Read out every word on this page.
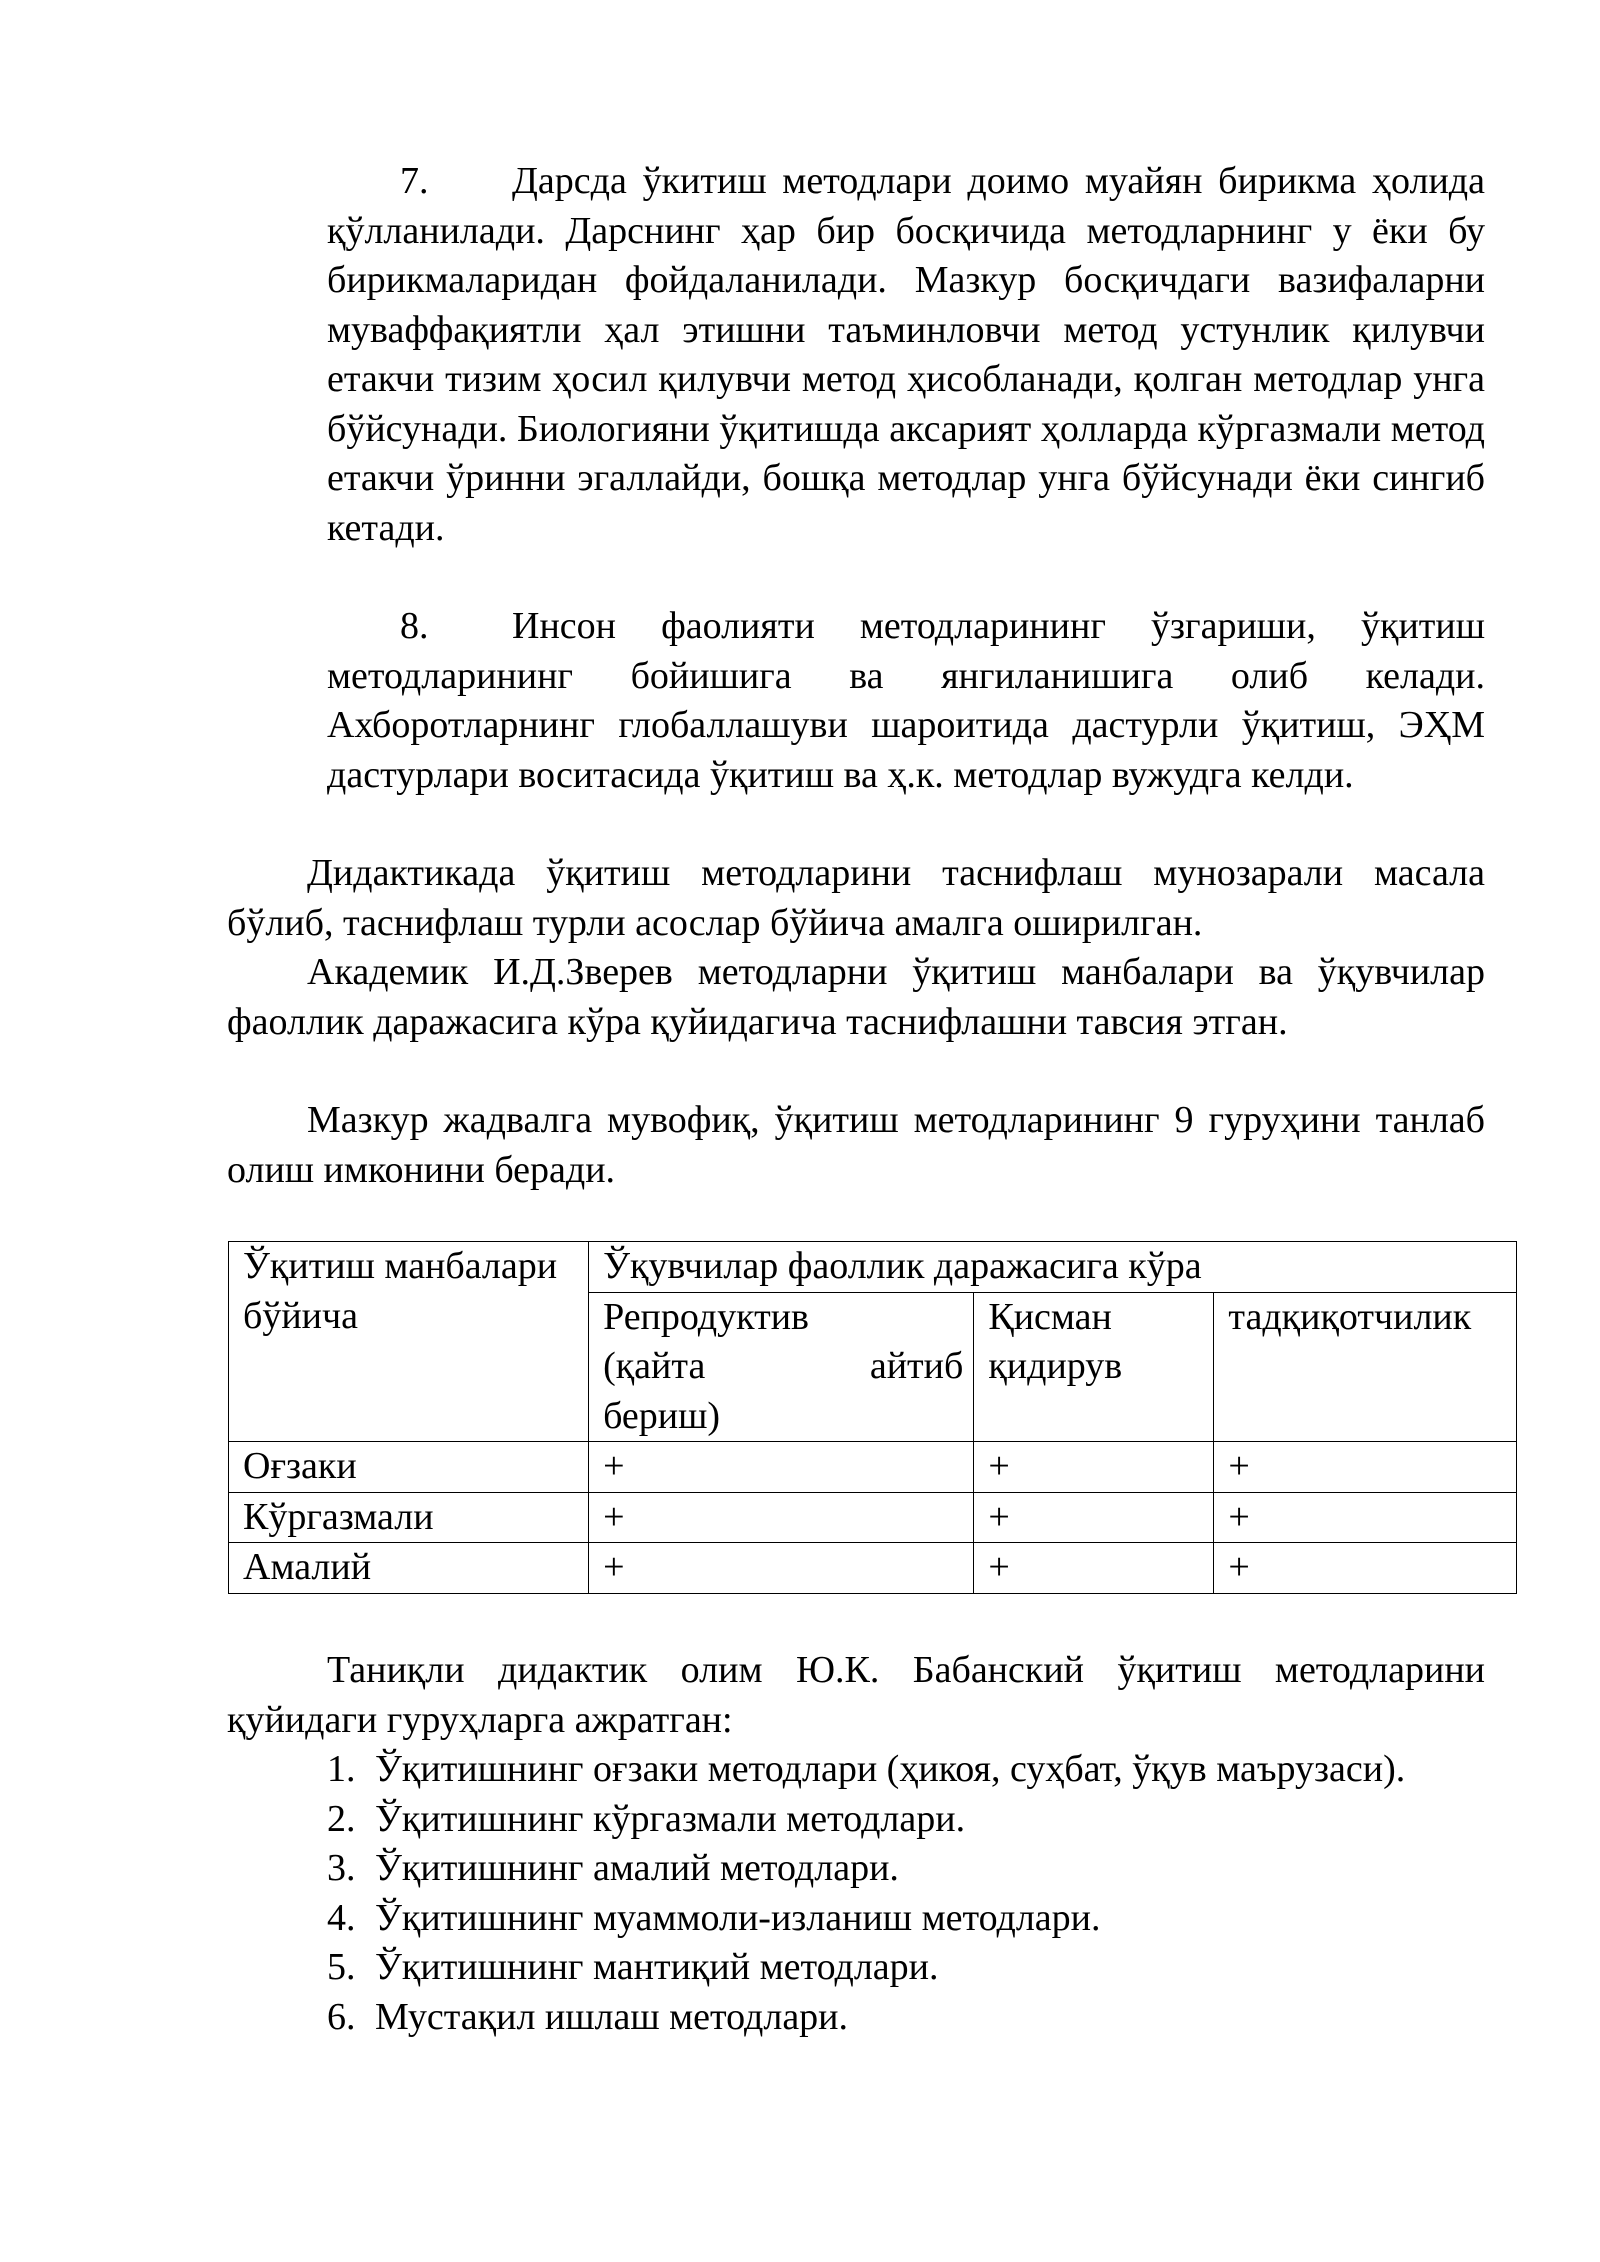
7. Дарсда ўкитиш методлари доимо муайян бирикма ҳолида қўлланилади. Дарснинг ҳар бир босқичида методларнинг у ёки бу бирикмаларидан фойдаланилади. Мазкур босқичдаги вазифаларни муваффақиятли ҳал этишни таъминловчи метод устунлик қилувчи етакчи тизим ҳосил қилувчи метод ҳисобланади, қолган методлар унга бўйсунади. Биологияни ўқитишда аксарият ҳолларда кўргазмали метод етакчи ўринни эгаллайди, бошқа методлар унга бўйсунади ёки сингиб кетади.

8. Инсон фаолияти методларининг ўзгариши, ўқитиш методларининг бойишига ва янгиланишига олиб келади. Ахборотларнинг глобаллашуви шароитида дастурли ўқитиш, ЭҲМ дастурлари воситасида ўқитиш ва ҳ.к. методлар вужудга келди.

Дидактикада ўқитиш методларини таснифлаш мунозарали масала бўлиб, таснифлаш турли асослар бўйича амалга оширилган.

Академик И.Д.Зверев методларни ўқитиш манбалари ва ўқувчилар фаоллик даражасига кўра қуйидагича таснифлашни тавсия этган.

Мазкур жадвалга мувофиқ, ўқитиш методларининг 9 гуруҳини танлаб олиш имконини беради.

Ўқитиш манбалари бўйича	Ўқувчилар фаоллик даражасига кўра		

	Репродуктив
(қайта айтиб
бериш)	Қисман қидирув	тадқиқотчилик
Оғзаки	+	+	+
Кўргазмали	+	+	+
Амалий	+	+	+

Таниқли дидактик олим Ю.К. Бабанский ўқитиш методларини қуйидаги гуруҳларга ажратган:

1. Ўқитишнинг оғзаки методлари (ҳикоя, суҳбат, ўқув маърузаси).
2. Ўқитишнинг кўргазмали методлари.
3. Ўқитишнинг амалий методлари.
4. Ўқитишнинг муаммоли-изланиш методлари.
5. Ўқитишнинг мантиқий методлари.
6. Мустақил ишлаш методлари.
